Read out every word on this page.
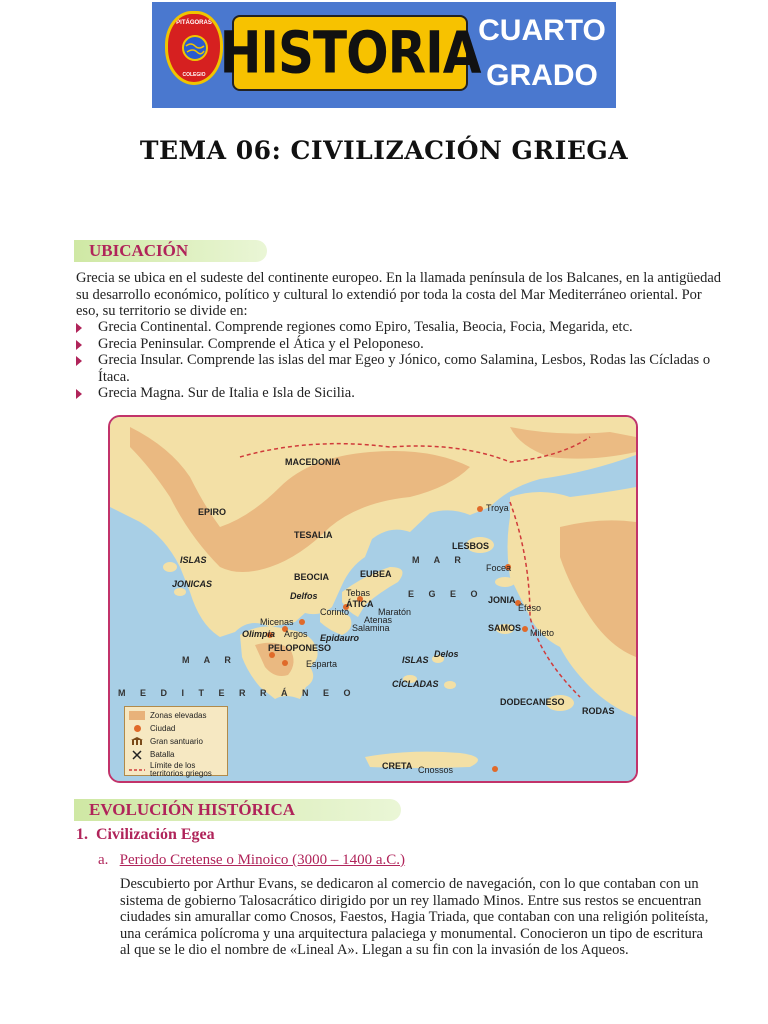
PITÁGORAS
COLEGIO HISTORIA
CUARTO
GRADO
TEMA 06: CIVILIZACIÓN GRIEGA
UBICACIÓN
Grecia se ubica en el sudeste del continente europeo. En la llamada península de los Balcanes, en la antigüedad
su desarrollo económico, político y cultural lo extendió por toda la costa del Mar Mediterráneo oriental. Por
eso, su territorio se divide en:
Grecia Continental. Comprende regiones como Epiro, Tesalia, Beocia, Focia, Megarida, etc.
Grecia Peninsular. Comprende el Ática y el Peloponeso.
Grecia Insular. Comprende las islas del mar Egeo y Jónico, como Salamina, Lesbos, Rodas las Cícladas o Ítaca.
Grecia Magna. Sur de Italia e Isla de Sicilia.
MACEDONIA
EPIRO
TESALIA
Troya
ISLAS
JONICAS
LESBOS
M A R
BEOCIA	EUBEA
Focea
E G E O
Delfos	Tebas
ÁTICA	JONIA
Maratón
Corinto	Éfeso
Micenas	Atenas
Salamina
Olimpia Argos
SAMOS
Epidauro	Mileto
PELOPONESO
Delos
M A R	ISLAS
Esparta
CÍCLADAS
M E D I T E R R Á N E O
DODECANESO
RODAS
CRETA Cnossos
Zonas elevadas
Ciudad
Gran santuario
Batalla
Límite de los territorios griegos
EVOLUCIÓN HISTÓRICA
1. Civilización Egea
a. Periodo Cretense o Minoico (3000 – 1400 a.C.)
Descubierto por Arthur Evans, se dedicaron al comercio de navegación, con lo que contaban con un
sistema de gobierno Talosacrático dirigido por un rey llamado Minos. Entre sus restos se encuentran
ciudades sin amurallar como Cnosos, Faestos, Hagia Triada, que contaban con una religión politeísta,
una cerámica polícroma y una arquitectura palaciega y monumental. Conocieron un tipo de escritura
al que se le dio el nombre de «Lineal A». Llegan a su fin con la invasión de los Aqueos.
